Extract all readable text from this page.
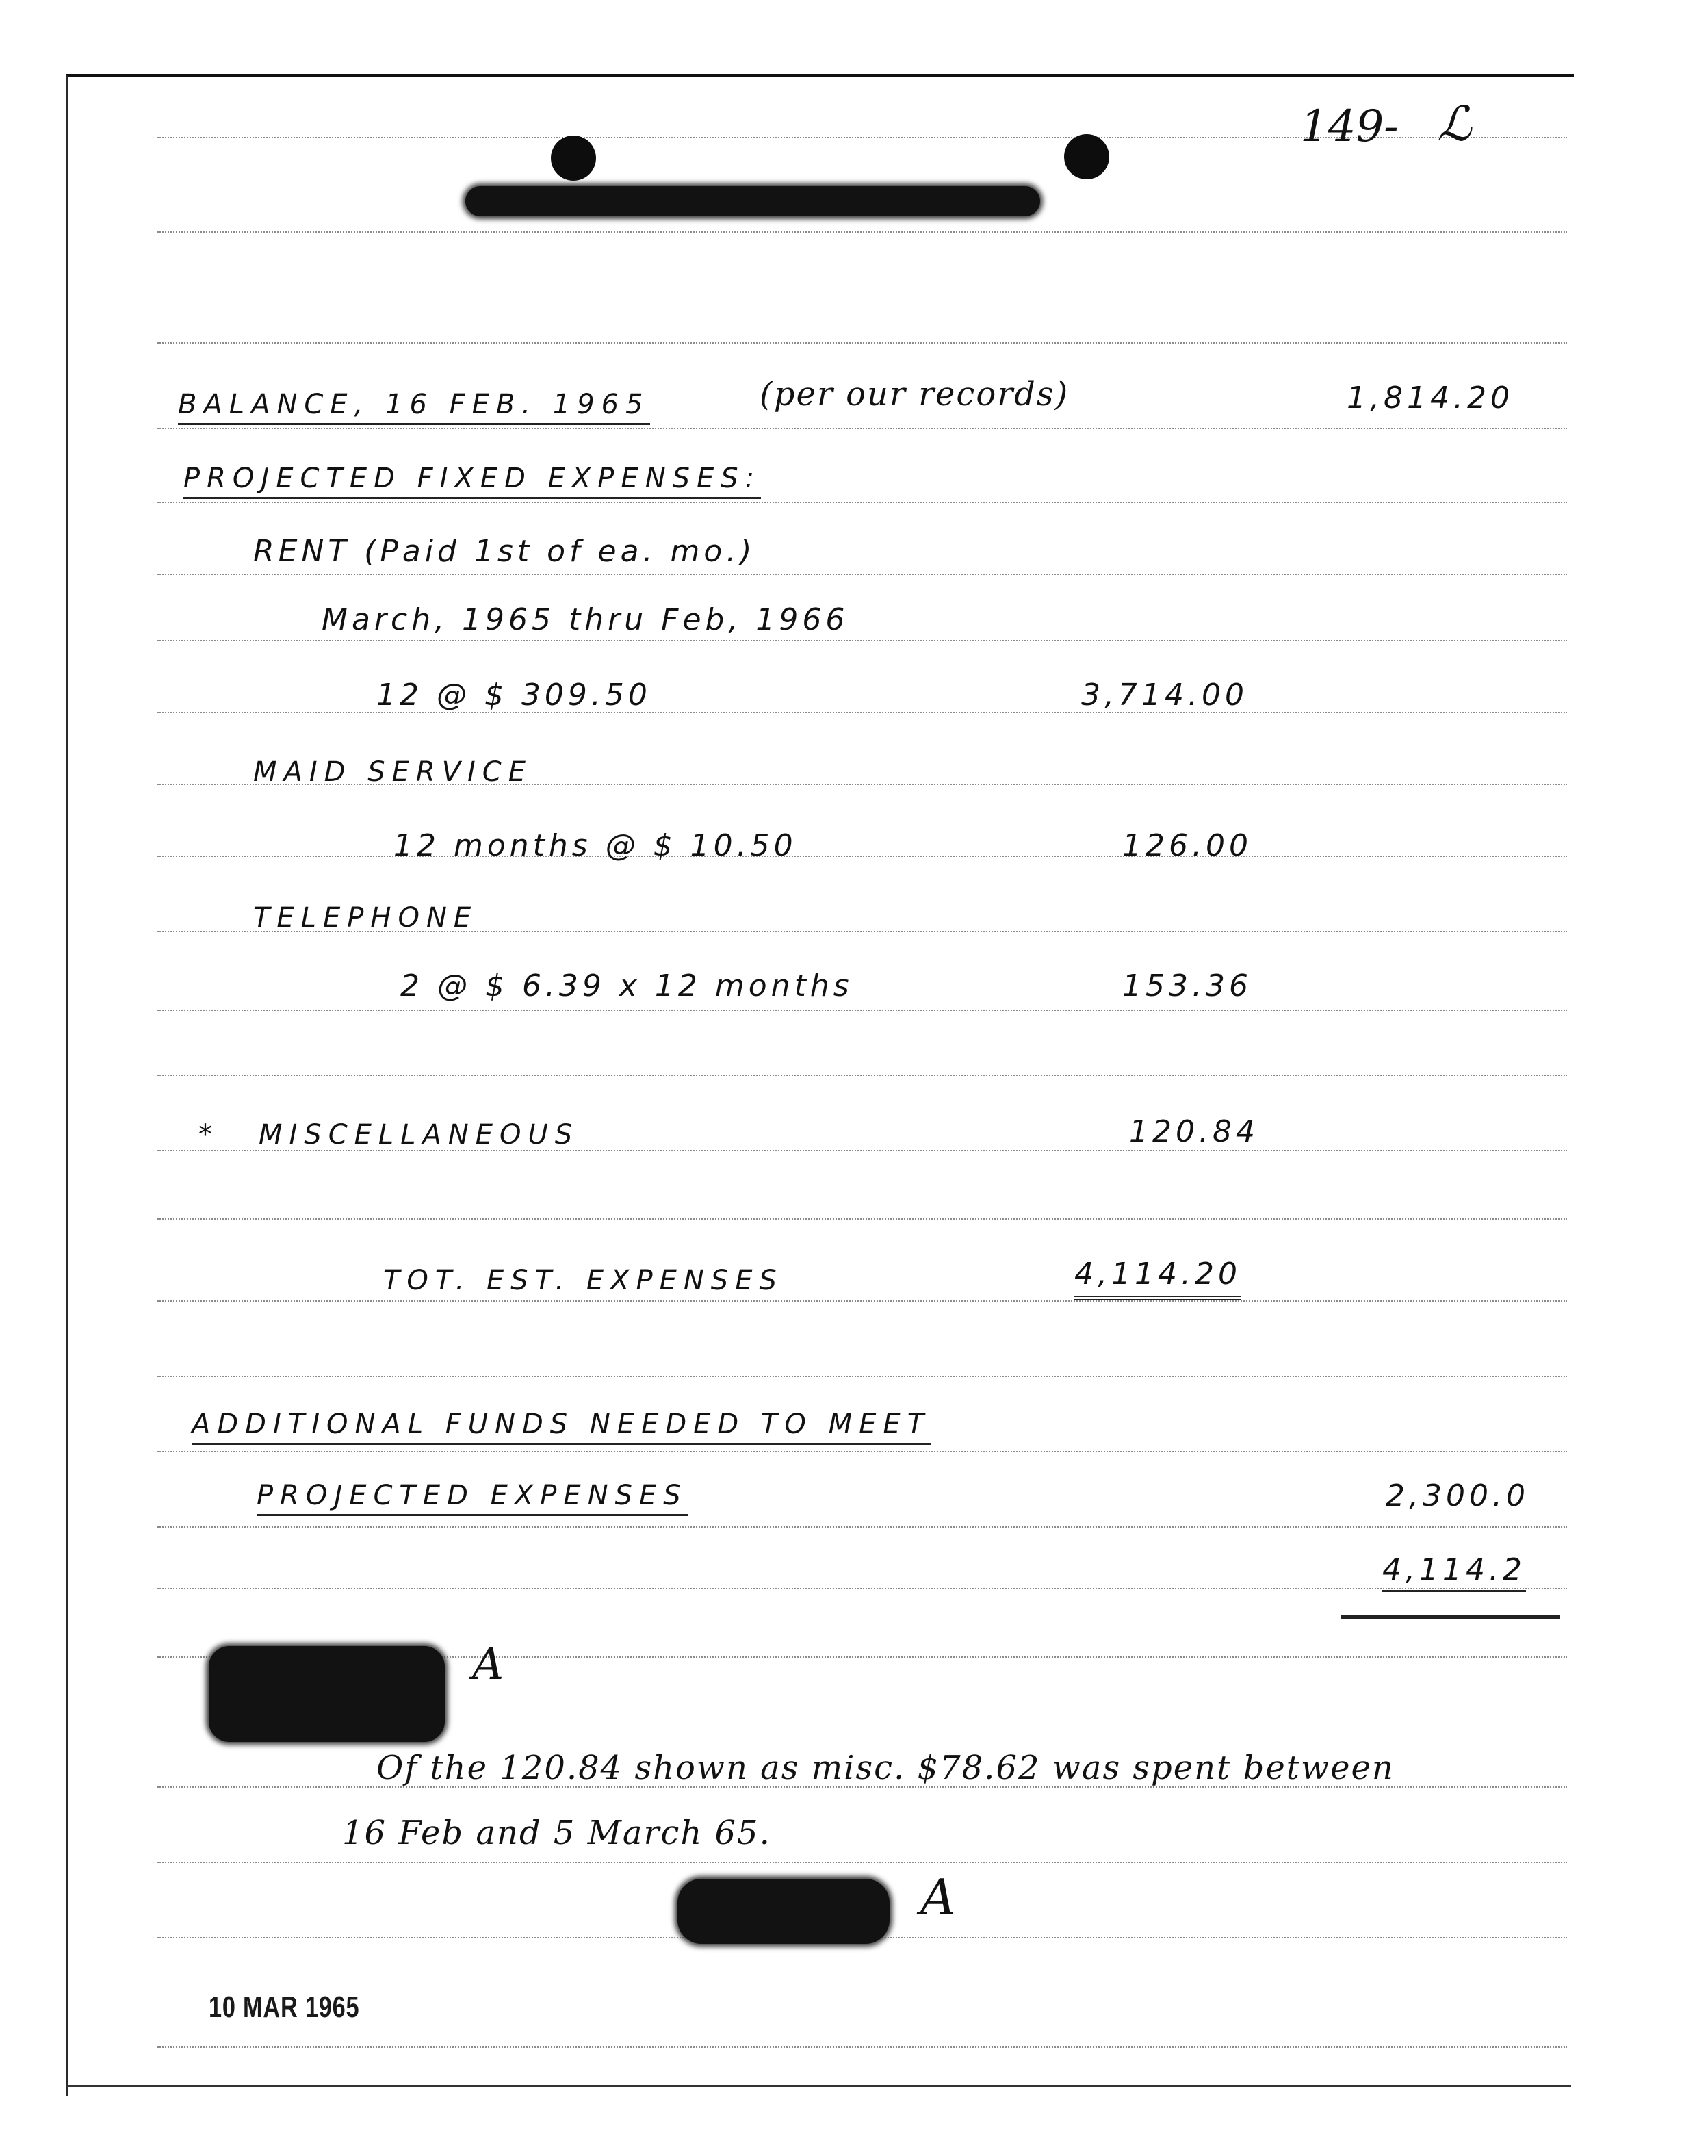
149- ℒ
BALANCE, 16 FEB. 1965	(per our records)	1,814.20
PROJECTED FIXED EXPENSES:
RENT (Paid 1st of ea. mo.)
March, 1965 thru Feb, 1966
12 @ $ 309.50	3,714.00
MAID SERVICE
12 months @ $ 10.50	126.00
TELEPHONE
2 @ $ 6.39 x 12 months	153.36
* MISCELLANEOUS	120.84
TOT. EST. EXPENSES	4,114.20
ADDITIONAL FUNDS NEEDED TO MEET
PROJECTED EXPENSES	2,300.0
4,114.2
A
Of the 120.84 shown as misc. $78.62 was spent between
16 Feb and 5 March 65.
A
10 MAR 1965
